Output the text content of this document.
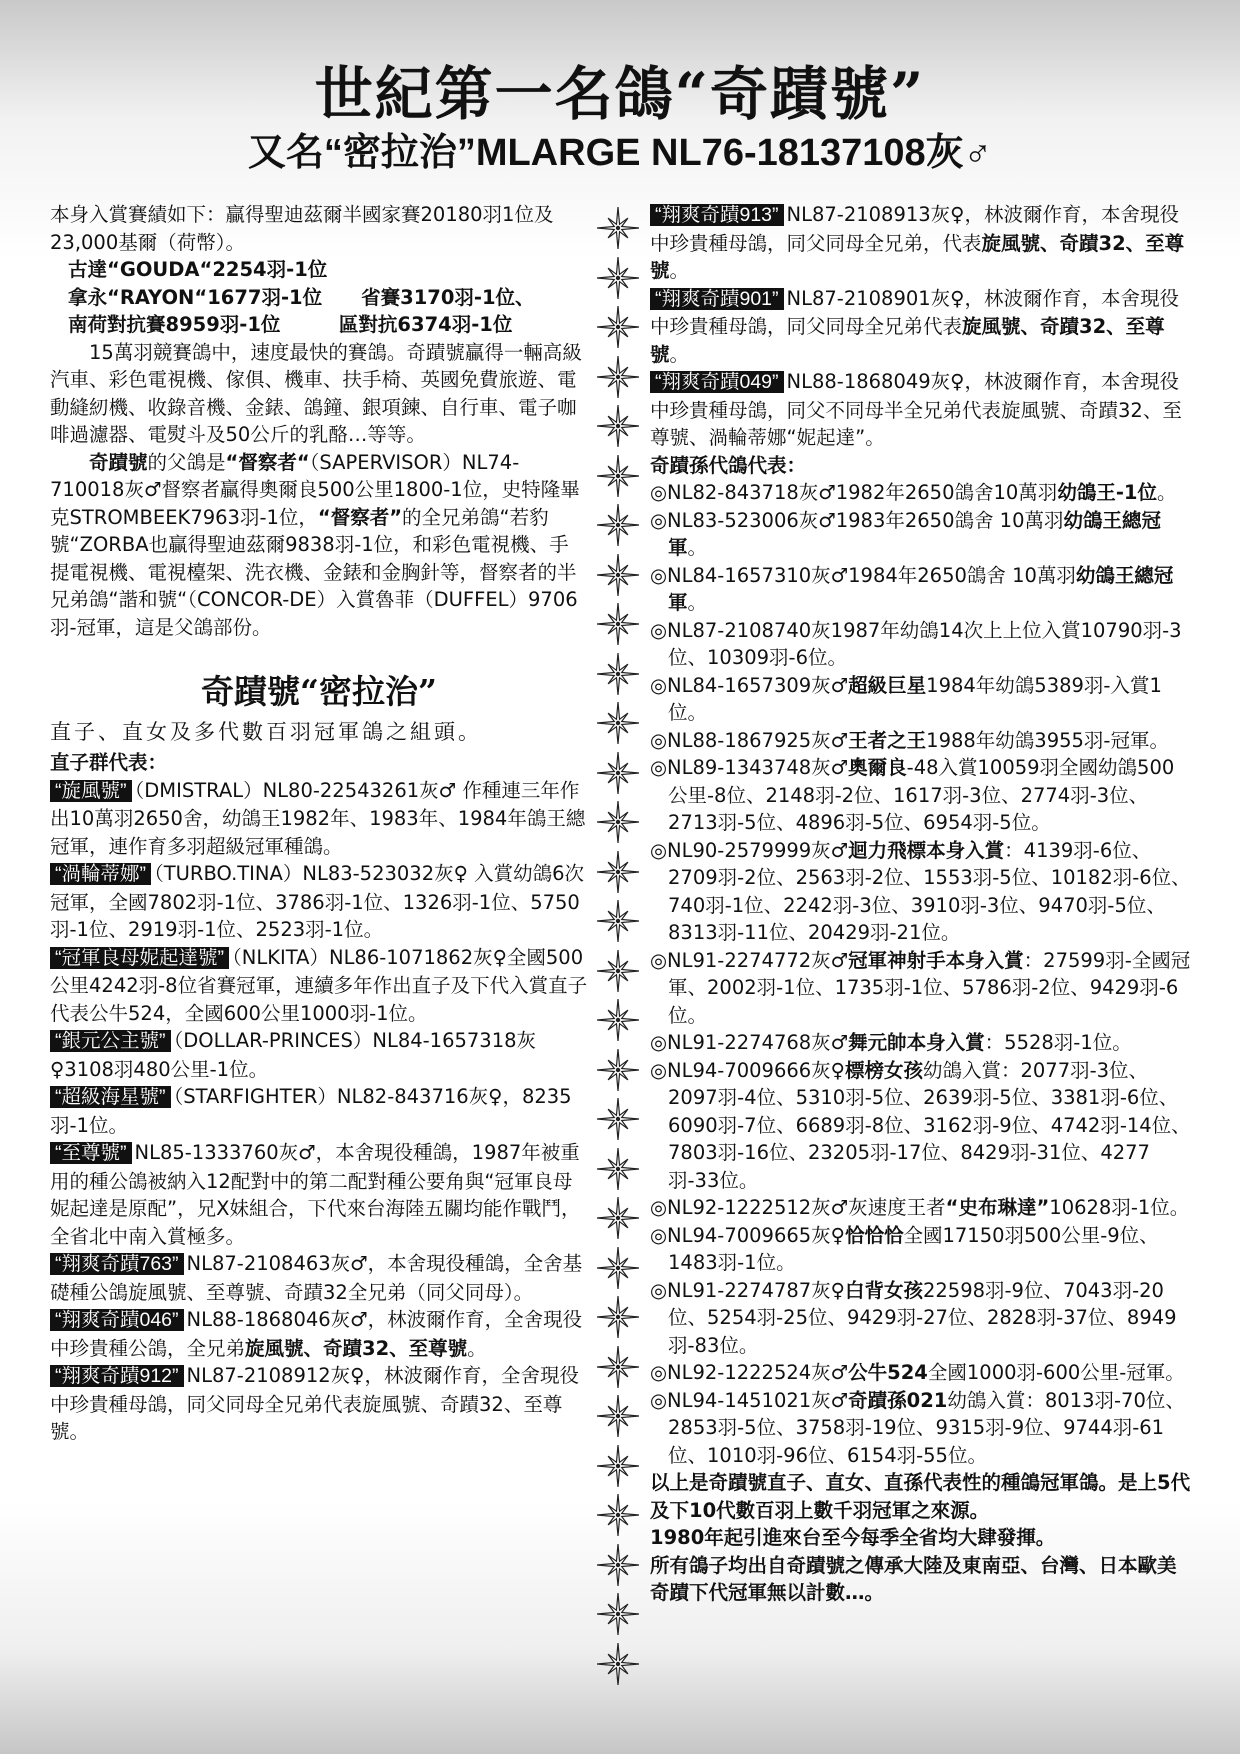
世紀第一名鴿“奇蹟號”
又名“密拉治”MLARGE NL76-18137108灰♂

本身入賞賽績如下：贏得聖迪茲爾半國家賽20180羽1位及23,000基爾（荷幣）。

古達“GOUDA“2254羽-1位

拿永“RAYON“1677羽-1位　　省賽3170羽-1位、

南荷對抗賽8959羽-1位　　　區對抗6374羽-1位

15萬羽競賽鴿中，速度最快的賽鴿。奇蹟號贏得一輛高級汽車、彩色電視機、傢俱、機車、扶手椅、英國免費旅遊、電動縫紉機、收錄音機、金錶、鴿鐘、銀項鍊、自行車、電子咖啡過濾器、電熨斗及50公斤的乳酪…等等。

奇蹟號的父鴿是“督察者“（SAPERVISOR）NL74-710018灰♂督察者贏得奧爾良500公里1800-1位，史特隆畢克STROMBEEK7963羽-1位，“督察者”的全兄弟鴿“若豹號“ZORBA也贏得聖迪茲爾9838羽-1位，和彩色電視機、手提電視機、電視檯架、洗衣機、金錶和金胸針等，督察者的半兄弟鴿“諧和號“（CONCOR-DE）入賞魯菲（DUFFEL）9706羽-冠軍，這是父鴿部份。

奇蹟號“密拉治”
直子、直女及多代數百羽冠軍鴿之組頭。

直子群代表：

“旋風號” （DMISTRAL）NL80-22543261灰♂ 作種連三年作出10萬羽2650舍，幼鴿王1982年、1983年、1984年鴿王總冠軍，連作育多羽超級冠軍種鴿。

“渦輪蒂娜” （TURBO.TINA）NL83-523032灰♀ 入賞幼鴿6次冠軍，全國7802羽-1位、3786羽-1位、1326羽-1位、5750羽-1位、2919羽-1位、2523羽-1位。

“冠軍良母妮起達號” （NLKITA）NL86-1071862灰♀全國500公里4242羽-8位省賽冠軍，連續多年作出直子及下代入賞直子代表公牛524，全國600公里1000羽-1位。

“銀元公主號” （DOLLAR-PRINCES）NL84-1657318灰♀3108羽480公里-1位。

“超級海星號” （STARFIGHTER）NL82-843716灰♀，8235羽-1位。

“至尊號” NL85-1333760灰♂，本舍現役種鴿，1987年被重用的種公鴿被納入12配對中的第二配對種公要角與“冠軍良母妮起達是原配”，兄X妹組合，下代來台海陸五關均能作戰鬥，全省北中南入賞極多。

“翔爽奇蹟763” NL87-2108463灰♂，本舍現役種鴿，全舍基礎種公鴿旋風號、至尊號、奇蹟32全兄弟（同父同母）。

“翔爽奇蹟046” NL88-1868046灰♂，林波爾作育，全舍現役中珍貴種公鴿，全兄弟旋風號、奇蹟32、至尊號。

“翔爽奇蹟912” NL87-2108912灰♀，林波爾作育，全舍現役中珍貴種母鴿，同父同母全兄弟代表旋風號、奇蹟32、至尊號。

“翔爽奇蹟913” NL87-2108913灰♀，林波爾作育，本舍現役中珍貴種母鴿，同父同母全兄弟，代表旋風號、奇蹟32、至尊號。

“翔爽奇蹟901” NL87-2108901灰♀，林波爾作育，本舍現役中珍貴種母鴿，同父同母全兄弟代表旋風號、奇蹟32、至尊號。

“翔爽奇蹟049” NL88-1868049灰♀，林波爾作育，本舍現役中珍貴種母鴿，同父不同母半全兄弟代表旋風號、奇蹟32、至尊號、渦輪蒂娜“妮起達”。

奇蹟孫代鴿代表：

◎NL82-843718灰♂1982年2650鴿舍10萬羽幼鴿王-1位。

◎NL83-523006灰♂1983年2650鴿舍 10萬羽幼鴿王總冠軍。

◎NL84-1657310灰♂1984年2650鴿舍 10萬羽幼鴿王總冠軍。

◎NL87-2108740灰1987年幼鴿14次上上位入賞10790羽-3位、10309羽-6位。

◎NL84-1657309灰♂超級巨星1984年幼鴿5389羽-入賞1位。

◎NL88-1867925灰♂王者之王1988年幼鴿3955羽-冠軍。

◎NL89-1343748灰♂奧爾良-48入賞10059羽全國幼鴿500公里-8位、2148羽-2位、1617羽-3位、2774羽-3位、2713羽-5位、4896羽-5位、6954羽-5位。

◎NL90-2579999灰♂迴力飛標本身入賞：4139羽-6位、2709羽-2位、2563羽-2位、1553羽-5位、10182羽-6位、740羽-1位、2242羽-3位、3910羽-3位、9470羽-5位、8313羽-11位、20429羽-21位。

◎NL91-2274772灰♂冠軍神射手本身入賞：27599羽-全國冠軍、2002羽-1位、1735羽-1位、5786羽-2位、9429羽-6位。

◎NL91-2274768灰♂舞元帥本身入賞：5528羽-1位。

◎NL94-7009666灰♀標榜女孩幼鴿入賞：2077羽-3位、2097羽-4位、5310羽-5位、2639羽-5位、3381羽-6位、6090羽-7位、6689羽-8位、3162羽-9位、4742羽-14位、7803羽-16位、23205羽-17位、8429羽-31位、4277羽-33位。

◎NL92-1222512灰♂灰速度王者“史布琳達”10628羽-1位。

◎NL94-7009665灰♀恰恰恰全國17150羽500公里-9位、1483羽-1位。

◎NL91-2274787灰♀白背女孩22598羽-9位、7043羽-20位、5254羽-25位、9429羽-27位、2828羽-37位、8949羽-83位。

◎NL92-1222524灰♂公牛524全國1000羽-600公里-冠軍。

◎NL94-1451021灰♂奇蹟孫021幼鴿入賞：8013羽-70位、2853羽-5位、3758羽-19位、9315羽-9位、9744羽-61位、1010羽-96位、6154羽-55位。

以上是奇蹟號直子、直女、直孫代表性的種鴿冠軍鴿。是上5代及下10代數百羽上數千羽冠軍之來源。

1980年起引進來台至今每季全省均大肆發揮。

所有鴿子均出自奇蹟號之傳承大陸及東南亞、台灣、日本歐美奇蹟下代冠軍無以計數…。
